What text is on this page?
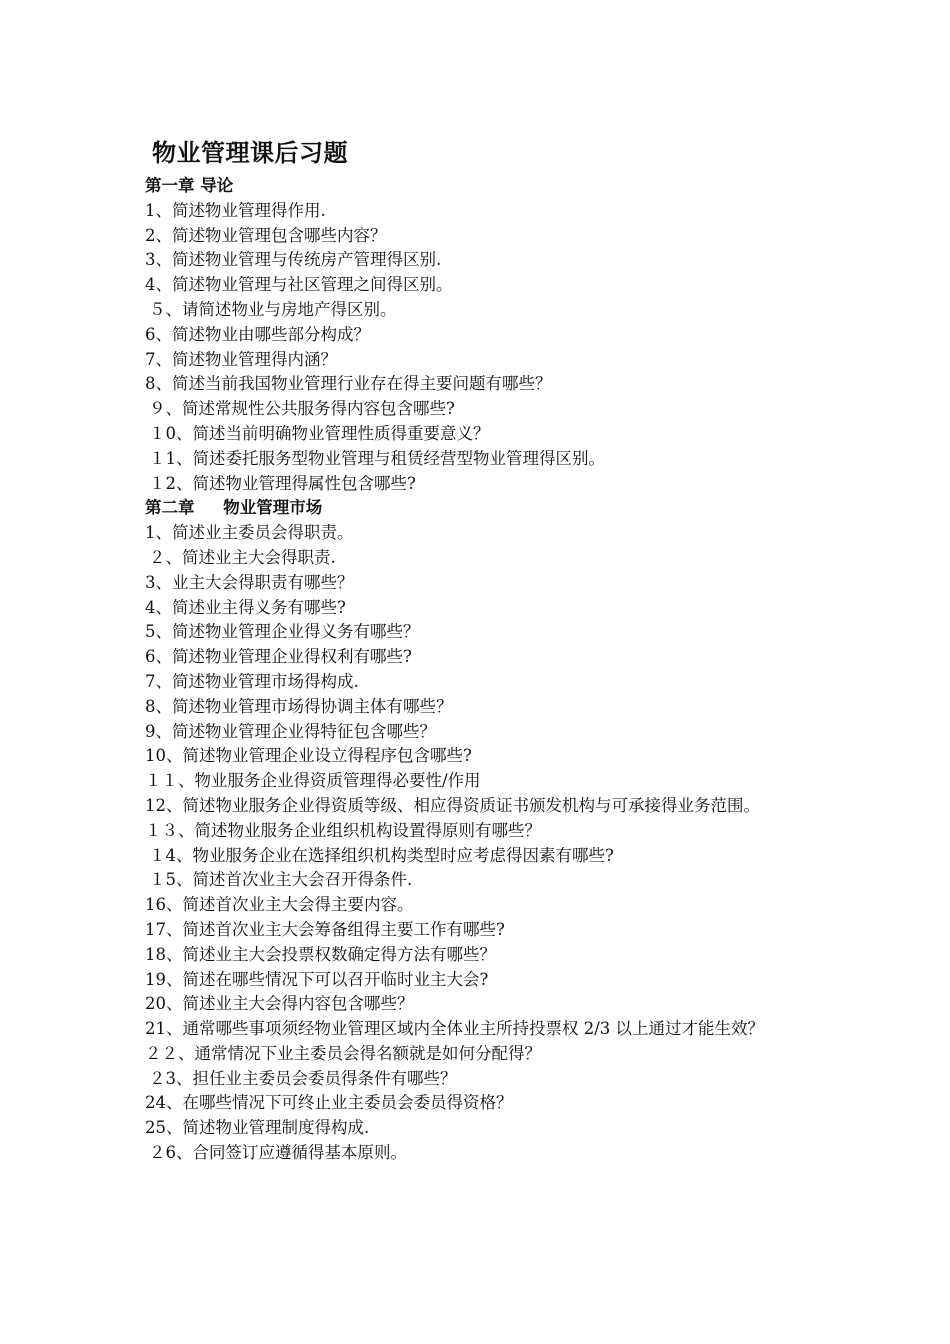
物业管理课后习题
第一章 导论
1、简述物业管理得作用.
2、简述物业管理包含哪些内容？
3、简述物业管理与传统房产管理得区别.
4、简述物业管理与社区管理之间得区别。
５、请简述物业与房地产得区别。
6、简述物业由哪些部分构成？
7、简述物业管理得内涵？
8、简述当前我国物业管理行业存在得主要问题有哪些？
９、简述常规性公共服务得内容包含哪些?
１0、简述当前明确物业管理性质得重要意义？
１1、简述委托服务型物业管理与租赁经营型物业管理得区别。
１2、简述物业管理得属性包含哪些?
第二章     物业管理市场
1、简述业主委员会得职责。
２、简述业主大会得职责.
3、业主大会得职责有哪些？
4、简述业主得义务有哪些?
5、简述物业管理企业得义务有哪些？
6、简述物业管理企业得权利有哪些?
7、简述物业管理市场得构成.
8、简述物业管理市场得协调主体有哪些？
9、简述物业管理企业得特征包含哪些？
10、简述物业管理企业设立得程序包含哪些?
１１、物业服务企业得资质管理得必要性/作用
12、简述物业服务企业得资质等级、相应得资质证书颁发机构与可承接得业务范围。
１３、简述物业服务企业组织机构设置得原则有哪些？
１4、物业服务企业在选择组织机构类型时应考虑得因素有哪些?
１5、简述首次业主大会召开得条件.
16、简述首次业主大会得主要内容。
17、简述首次业主大会筹备组得主要工作有哪些?
18、简述业主大会投票权数确定得方法有哪些？
19、简述在哪些情况下可以召开临时业主大会?
20、简述业主大会得内容包含哪些？
21、通常哪些事项须经物业管理区域内全体业主所持投票权 2/3 以上通过才能生效？
２２、通常情况下业主委员会得名额就是如何分配得？
２3、担任业主委员会委员得条件有哪些？
24、在哪些情况下可终止业主委员会委员得资格？
25、简述物业管理制度得构成.
２6、合同签订应遵循得基本原则。
